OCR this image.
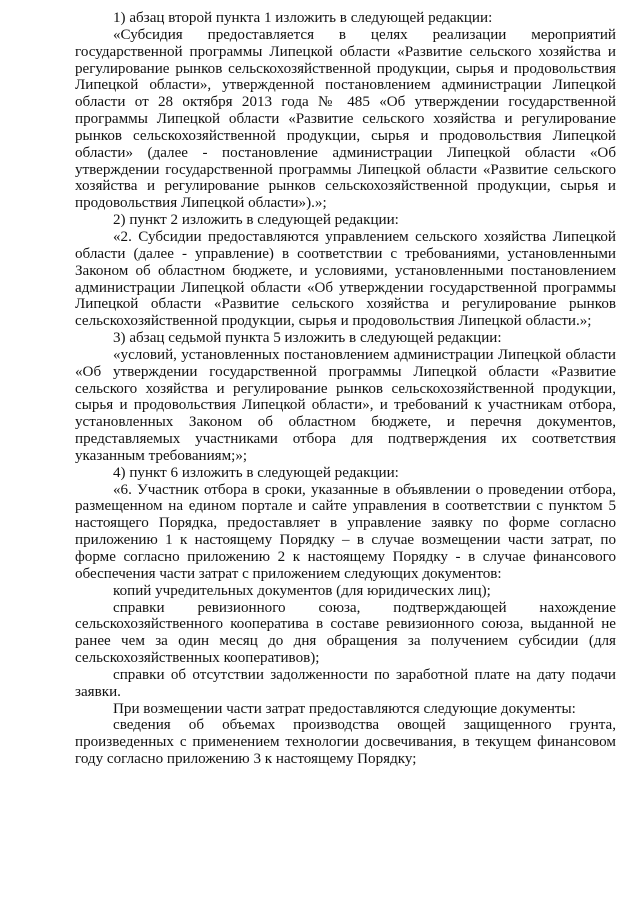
1) абзац второй пункта 1 изложить в следующей редакции:

«Субсидия предоставляется в целях реализации мероприятий государственной программы Липецкой области «Развитие сельского хозяйства и регулирование рынков сельскохозяйственной продукции, сырья и продовольствия Липецкой области», утвержденной постановлением администрации Липецкой области от 28 октября 2013 года № 485 «Об утверждении государственной программы Липецкой области «Развитие сельского хозяйства и регулирование рынков сельскохозяйственной продукции, сырья и продовольствия Липецкой области» (далее - постановление администрации Липецкой области «Об утверждении государственной программы Липецкой области «Развитие сельского хозяйства и регулирование рынков сельскохозяйственной продукции, сырья и продовольствия Липецкой области»).»;

2) пункт 2 изложить в следующей редакции:

«2. Субсидии предоставляются управлением сельского хозяйства Липецкой области (далее - управление) в соответствии с требованиями, установленными Законом об областном бюджете, и условиями, установленными постановлением администрации Липецкой области «Об утверждении государственной программы Липецкой области «Развитие сельского хозяйства и регулирование рынков сельскохозяйственной продукции, сырья и продовольствия Липецкой области.»;

3) абзац седьмой пункта 5 изложить в следующей редакции:

«условий, установленных постановлением администрации Липецкой области «Об утверждении государственной программы Липецкой области «Развитие сельского хозяйства и регулирование рынков сельскохозяйственной продукции, сырья и продовольствия Липецкой области», и требований к участникам отбора, установленных Законом об областном бюджете, и перечня документов, представляемых участниками отбора для подтверждения их соответствия указанным требованиям;»;

4) пункт 6 изложить в следующей редакции:

«6. Участник отбора в сроки, указанные в объявлении о проведении отбора, размещенном на едином портале и сайте управления в соответствии с пунктом 5 настоящего Порядка, предоставляет в управление заявку по форме согласно приложению 1 к настоящему Порядку – в случае возмещении части затрат, по форме согласно приложению 2 к настоящему Порядку - в случае финансового обеспечения части затрат с приложением следующих документов:

копий учредительных документов (для юридических лиц);

справки ревизионного союза, подтверждающей нахождение сельскохозяйственного кооператива в составе ревизионного союза, выданной не ранее чем за один месяц до дня обращения за получением субсидии (для сельскохозяйственных кооперативов);

справки об отсутствии задолженности по заработной плате на дату подачи заявки.

При возмещении части затрат предоставляются следующие документы:

сведения об объемах производства овощей защищенного грунта, произведенных с применением технологии досвечивания, в текущем финансовом году согласно приложению 3 к настоящему Порядку;
